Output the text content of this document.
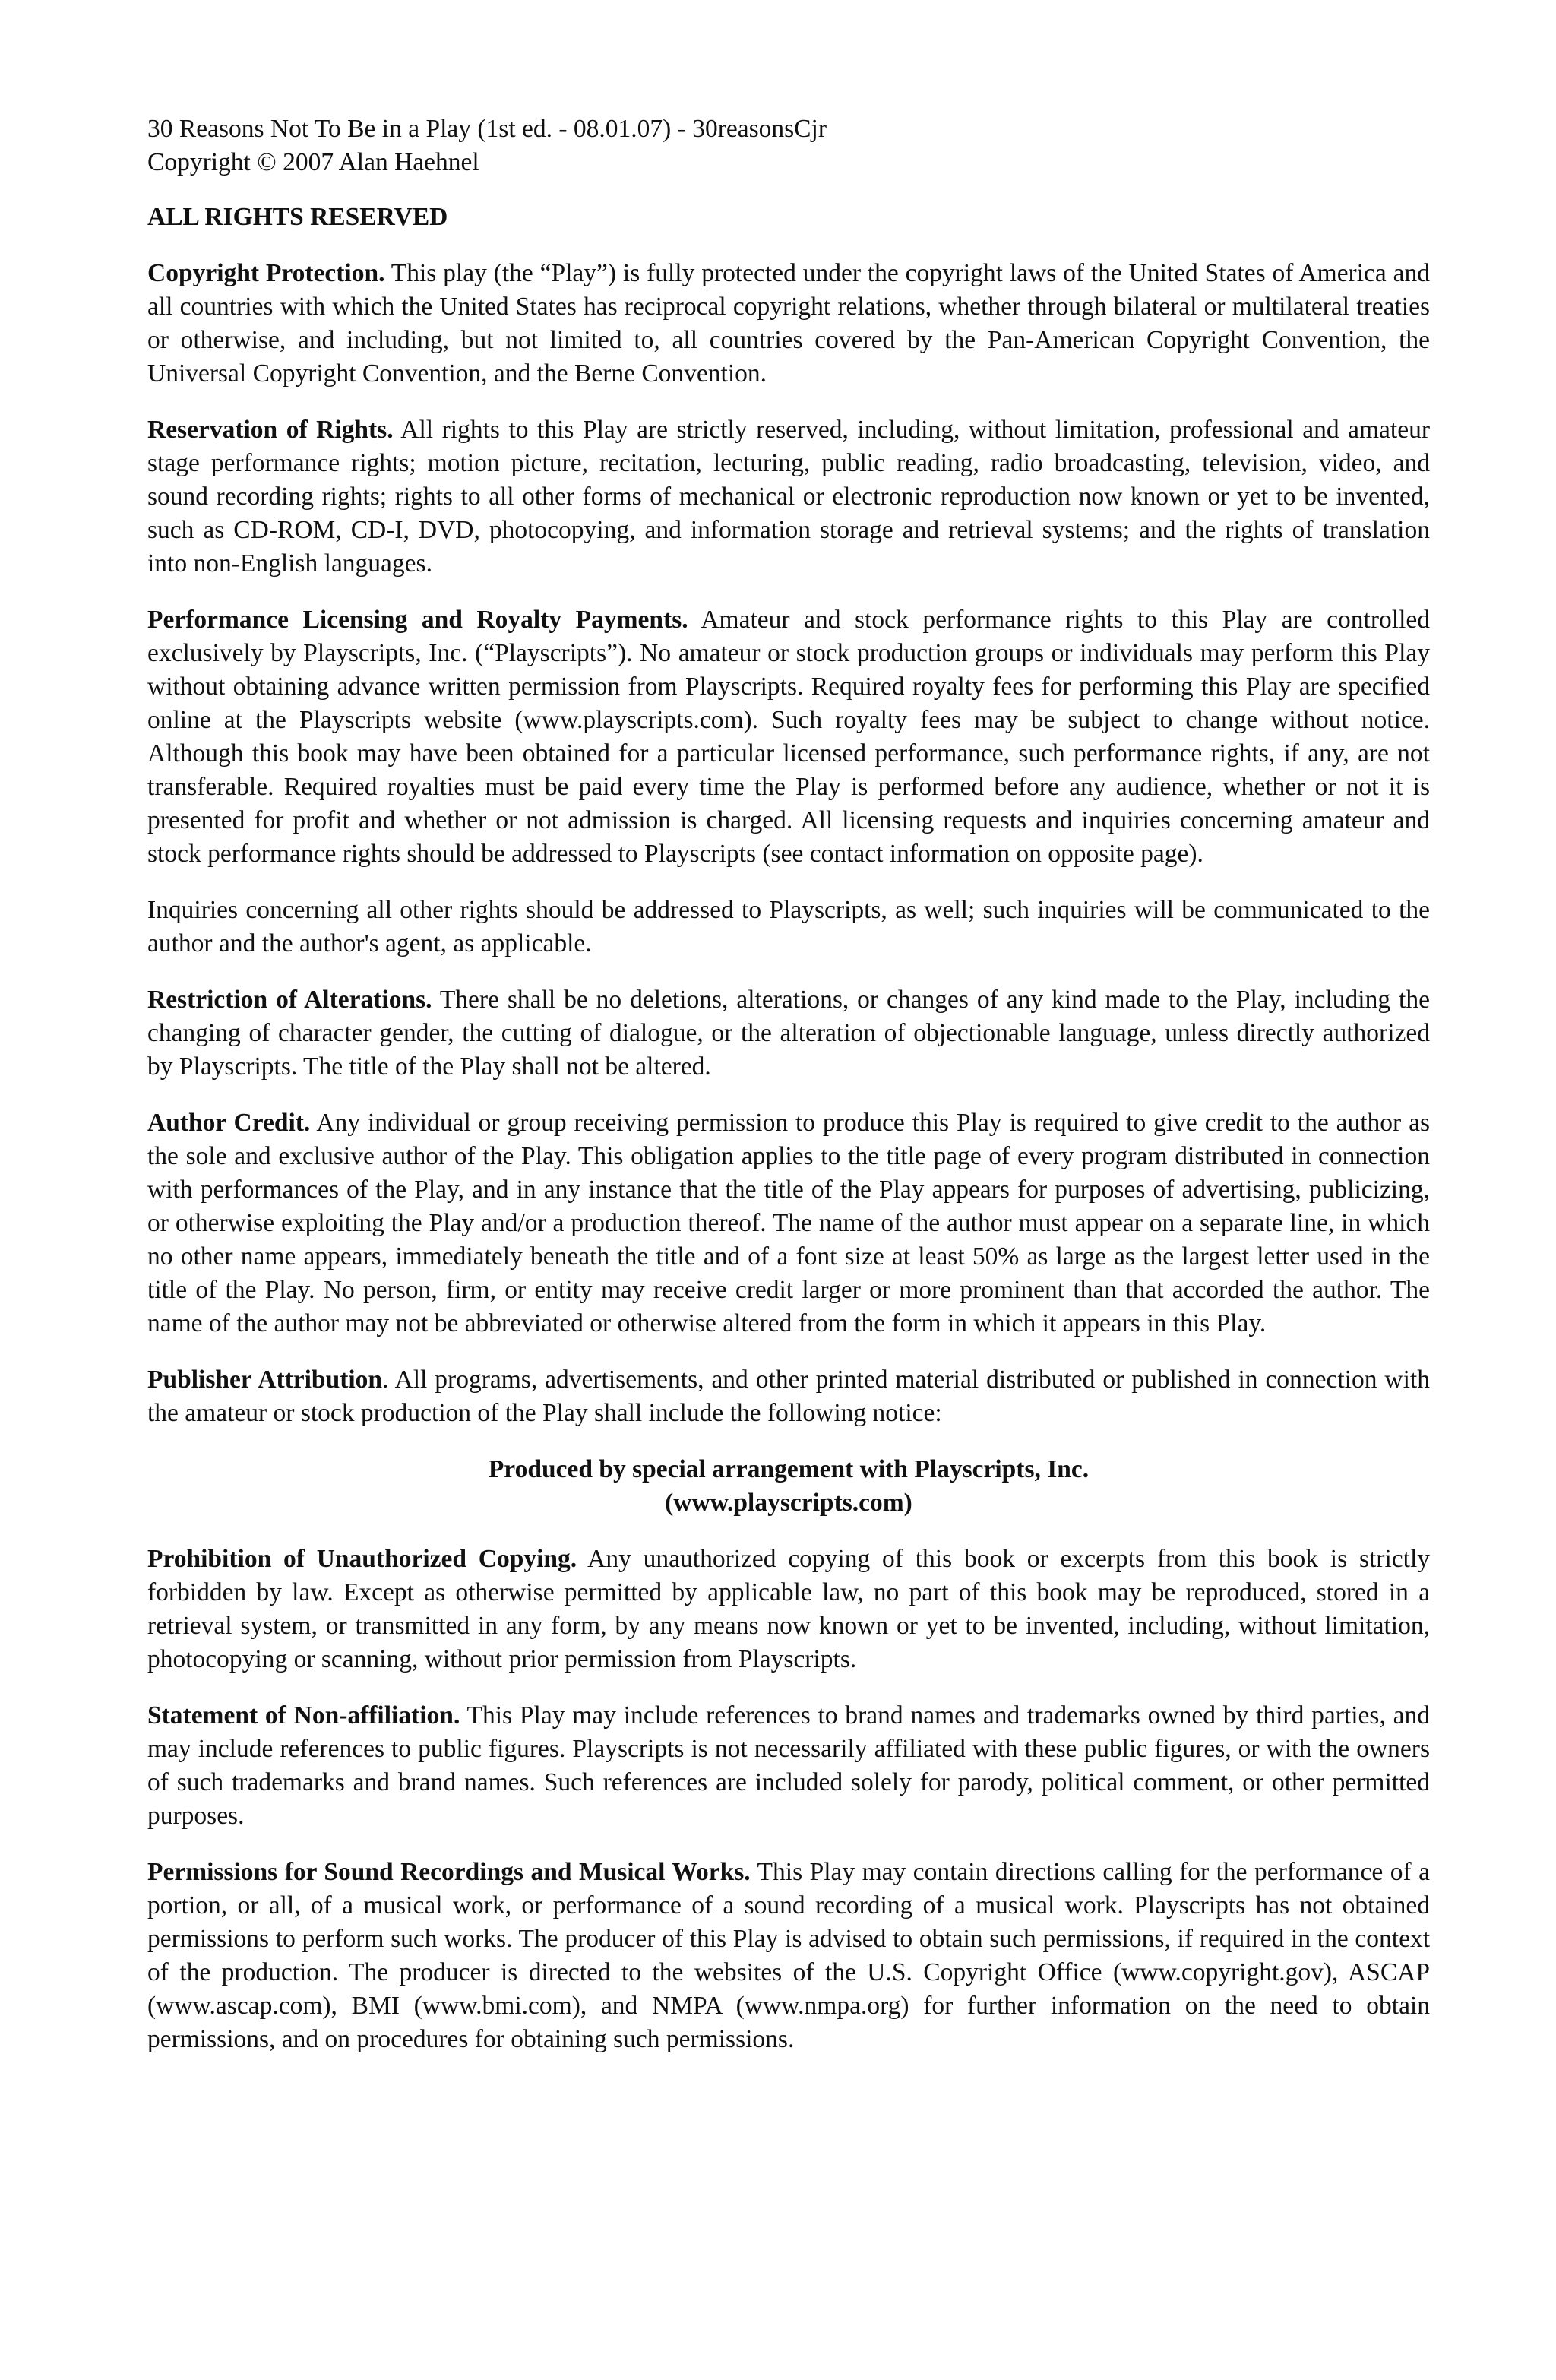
30 Reasons Not To Be in a Play (1st ed. - 08.01.07) - 30reasonsCjr

Copyright © 2007 Alan Haehnel

ALL RIGHTS RESERVED

Copyright Protection. This play (the “Play”) is fully protected under the copyright laws of the United States of America and all countries with which the United States has reciprocal copyright relations, whether through bilateral or multilateral treaties or otherwise, and including, but not limited to, all countries covered by the Pan-American Copyright Convention, the Universal Copyright Convention, and the Berne Convention.

Reservation of Rights. All rights to this Play are strictly reserved, including, without limitation, professional and amateur stage performance rights; motion picture, recitation, lecturing, public reading, radio broadcasting, television, video, and sound recording rights; rights to all other forms of mechanical or electronic reproduction now known or yet to be invented, such as CD-ROM, CD-I, DVD, photocopying, and information storage and retrieval systems; and the rights of translation into non-English languages.

Performance Licensing and Royalty Payments. Amateur and stock performance rights to this Play are controlled exclusively by Playscripts, Inc. (“Playscripts”). No amateur or stock production groups or individuals may perform this Play without obtaining advance written permission from Playscripts. Required royalty fees for performing this Play are specified online at the Playscripts website (www.playscripts.com). Such royalty fees may be subject to change without notice. Although this book may have been obtained for a particular licensed performance, such performance rights, if any, are not transferable. Required royalties must be paid every time the Play is performed before any audience, whether or not it is presented for profit and whether or not admission is charged. All licensing requests and inquiries concerning amateur and stock performance rights should be addressed to Playscripts (see contact information on opposite page).

Inquiries concerning all other rights should be addressed to Playscripts, as well; such inquiries will be communicated to the author and the author's agent, as applicable.

Restriction of Alterations. There shall be no deletions, alterations, or changes of any kind made to the Play, including the changing of character gender, the cutting of dialogue, or the alteration of objectionable language, unless directly authorized by Playscripts. The title of the Play shall not be altered.

Author Credit. Any individual or group receiving permission to produce this Play is required to give credit to the author as the sole and exclusive author of the Play. This obligation applies to the title page of every program distributed in connection with performances of the Play, and in any instance that the title of the Play appears for purposes of advertising, publicizing, or otherwise exploiting the Play and/or a production thereof. The name of the author must appear on a separate line, in which no other name appears, immediately beneath the title and of a font size at least 50% as large as the largest letter used in the title of the Play. No person, firm, or entity may receive credit larger or more prominent than that accorded the author. The name of the author may not be abbreviated or otherwise altered from the form in which it appears in this Play.

Publisher Attribution. All programs, advertisements, and other printed material distributed or published in connection with the amateur or stock production of the Play shall include the following notice:

Produced by special arrangement with Playscripts, Inc.
(www.playscripts.com)

Prohibition of Unauthorized Copying. Any unauthorized copying of this book or excerpts from this book is strictly forbidden by law. Except as otherwise permitted by applicable law, no part of this book may be reproduced, stored in a retrieval system, or transmitted in any form, by any means now known or yet to be invented, including, without limitation, photocopying or scanning, without prior permission from Playscripts.

Statement of Non-affiliation. This Play may include references to brand names and trademarks owned by third parties, and may include references to public figures. Playscripts is not necessarily affiliated with these public figures, or with the owners of such trademarks and brand names. Such references are included solely for parody, political comment, or other permitted purposes.

Permissions for Sound Recordings and Musical Works. This Play may contain directions calling for the performance of a portion, or all, of a musical work, or performance of a sound recording of a musical work. Playscripts has not obtained permissions to perform such works. The producer of this Play is advised to obtain such permissions, if required in the context of the production. The producer is directed to the websites of the U.S. Copyright Office (www.copyright.gov), ASCAP (www.ascap.com), BMI (www.bmi.com), and NMPA (www.nmpa.org) for further information on the need to obtain permissions, and on procedures for obtaining such permissions.
